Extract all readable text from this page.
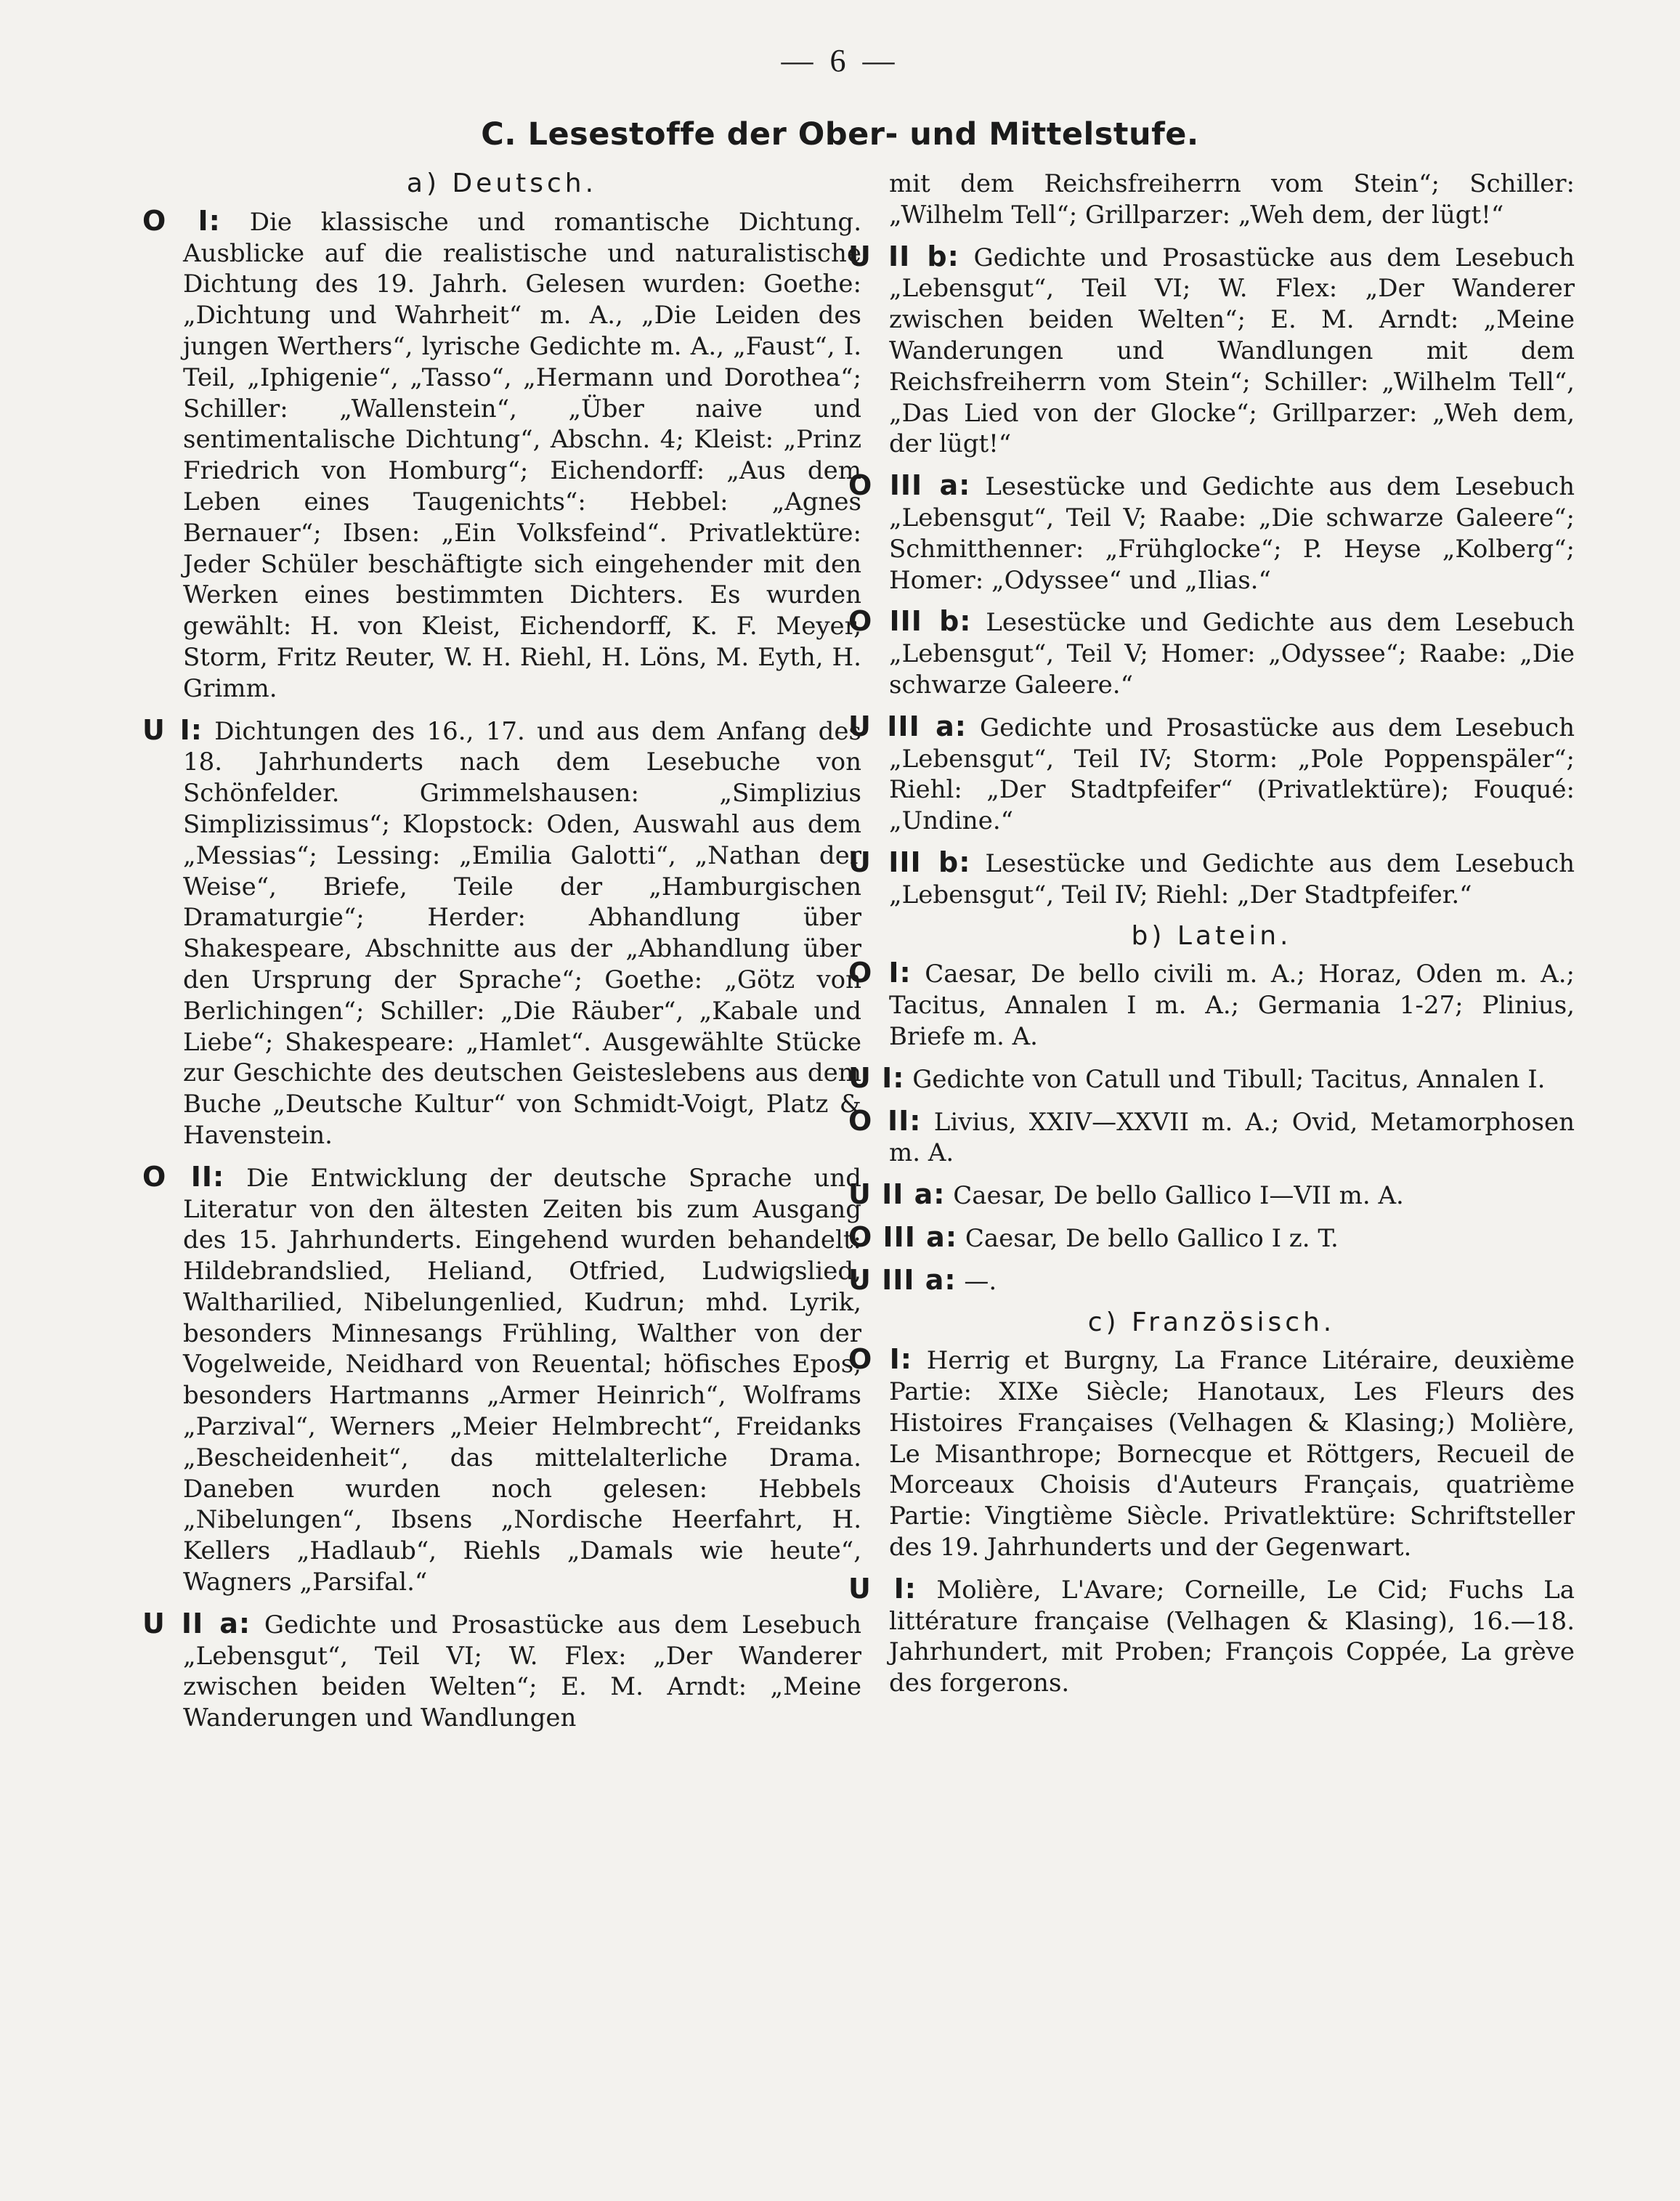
— 6 —
C. Lesestoffe der Ober- und Mittelstufe.
a) Deutsch.

O I: Die klassische und romantische Dichtung. Ausblicke auf die realistische und naturalistische Dichtung des 19. Jahrh. Gelesen wurden: Goethe: „Dichtung und Wahrheit“ m. A., „Die Leiden des jungen Werthers“, lyrische Gedichte m. A., „Faust“, I. Teil, „Iphigenie“, „Tasso“, „Hermann und Dorothea“; Schiller: „Wallenstein“, „Über naive und sentimentalische Dichtung“, Abschn. 4; Kleist: „Prinz Friedrich von Homburg“; Eichendorff: „Aus dem Leben eines Taugenichts“: Hebbel: „Agnes Bernauer“; Ibsen: „Ein Volksfeind“. Privatlektüre: Jeder Schüler beschäftigte sich eingehender mit den Werken eines bestimmten Dichters. Es wurden gewählt: H. von Kleist, Eichendorff, K. F. Meyer, Storm, Fritz Reuter, W. H. Riehl, H. Löns, M. Eyth, H. Grimm.

U I: Dichtungen des 16., 17. und aus dem Anfang des 18. Jahrhunderts nach dem Lesebuche von Schönfelder. Grimmelshausen: „Simplizius Simplizissimus“; Klopstock: Oden, Auswahl aus dem „Messias“; Lessing: „Emilia Galotti“, „Nathan der Weise“, Briefe, Teile der „Hamburgischen Dramaturgie“; Herder: Abhandlung über Shakespeare, Abschnitte aus der „Abhandlung über den Ursprung der Sprache“; Goethe: „Götz von Berlichingen“; Schiller: „Die Räuber“, „Kabale und Liebe“; Shakespeare: „Hamlet“. Ausgewählte Stücke zur Geschichte des deutschen Geisteslebens aus dem Buche „Deutsche Kultur“ von Schmidt-Voigt, Platz & Havenstein.

O II: Die Entwicklung der deutsche Sprache und Literatur von den ältesten Zeiten bis zum Ausgang des 15. Jahrhunderts. Eingehend wurden behandelt: Hildebrandslied, Heliand, Otfried, Ludwigslied, Waltharilied, Nibelungenlied, Kudrun; mhd. Lyrik, besonders Minnesangs Frühling, Walther von der Vogelweide, Neidhard von Reuental; höfisches Epos, besonders Hartmanns „Armer Heinrich“, Wolframs „Parzival“, Werners „Meier Helmbrecht“, Freidanks „Bescheidenheit“, das mittelalterliche Drama. Daneben wurden noch gelesen: Hebbels „Nibelungen“, Ibsens „Nordische Heerfahrt, H. Kellers „Hadlaub“, Riehls „Damals wie heute“, Wagners „Parsifal.“

U II a: Gedichte und Prosastücke aus dem Lesebuch „Lebensgut“, Teil VI; W. Flex: „Der Wanderer zwischen beiden Welten“; E. M. Arndt: „Meine Wanderungen und Wandlungen

mit dem Reichsfreiherrn vom Stein“; Schiller: „Wilhelm Tell“; Grillparzer: „Weh dem, der lügt!“

U II b: Gedichte und Prosastücke aus dem Lesebuch „Lebensgut“, Teil VI; W. Flex: „Der Wanderer zwischen beiden Welten“; E. M. Arndt: „Meine Wanderungen und Wandlungen mit dem Reichsfreiherrn vom Stein“; Schiller: „Wilhelm Tell“, „Das Lied von der Glocke“; Grillparzer: „Weh dem, der lügt!“

O III a: Lesestücke und Gedichte aus dem Lesebuch „Lebensgut“, Teil V; Raabe: „Die schwarze Galeere“; Schmitthenner: „Frühglocke“; P. Heyse „Kolberg“; Homer: „Odyssee“ und „Ilias.“

O III b: Lesestücke und Gedichte aus dem Lesebuch „Lebensgut“, Teil V; Homer: „Odyssee“; Raabe: „Die schwarze Galeere.“

U III a: Gedichte und Prosastücke aus dem Lesebuch „Lebensgut“, Teil IV; Storm: „Pole Poppenspäler“; Riehl: „Der Stadtpfeifer“ (Privatlektüre); Fouqué: „Undine.“

U III b: Lesestücke und Gedichte aus dem Lesebuch „Lebensgut“, Teil IV; Riehl: „Der Stadtpfeifer.“

b) Latein.

O I: Caesar, De bello civili m. A.; Horaz, Oden m. A.; Tacitus, Annalen I m. A.; Germania 1-27; Plinius, Briefe m. A.

U I: Gedichte von Catull und Tibull; Tacitus, Annalen I.

O II: Livius, XXIV—XXVII m. A.; Ovid, Metamorphosen m. A.

U II a: Caesar, De bello Gallico I—VII m. A.

O III a: Caesar, De bello Gallico I z. T.

U III a: —.

c) Französisch.

O I: Herrig et Burgny, La France Litéraire, deuxième Partie: XIXe Siècle; Hanotaux, Les Fleurs des Histoires Françaises (Velhagen & Klasing;) Molière, Le Misanthrope; Bornecque et Röttgers, Recueil de Morceaux Choisis d'Auteurs Français, quatrième Partie: Vingtième Siècle. Privatlektüre: Schriftsteller des 19. Jahrhunderts und der Gegenwart.

U I: Molière, L'Avare; Corneille, Le Cid; Fuchs La littérature française (Velhagen & Klasing), 16.—18. Jahrhundert, mit Proben; François Coppée, La grève des forgerons.
